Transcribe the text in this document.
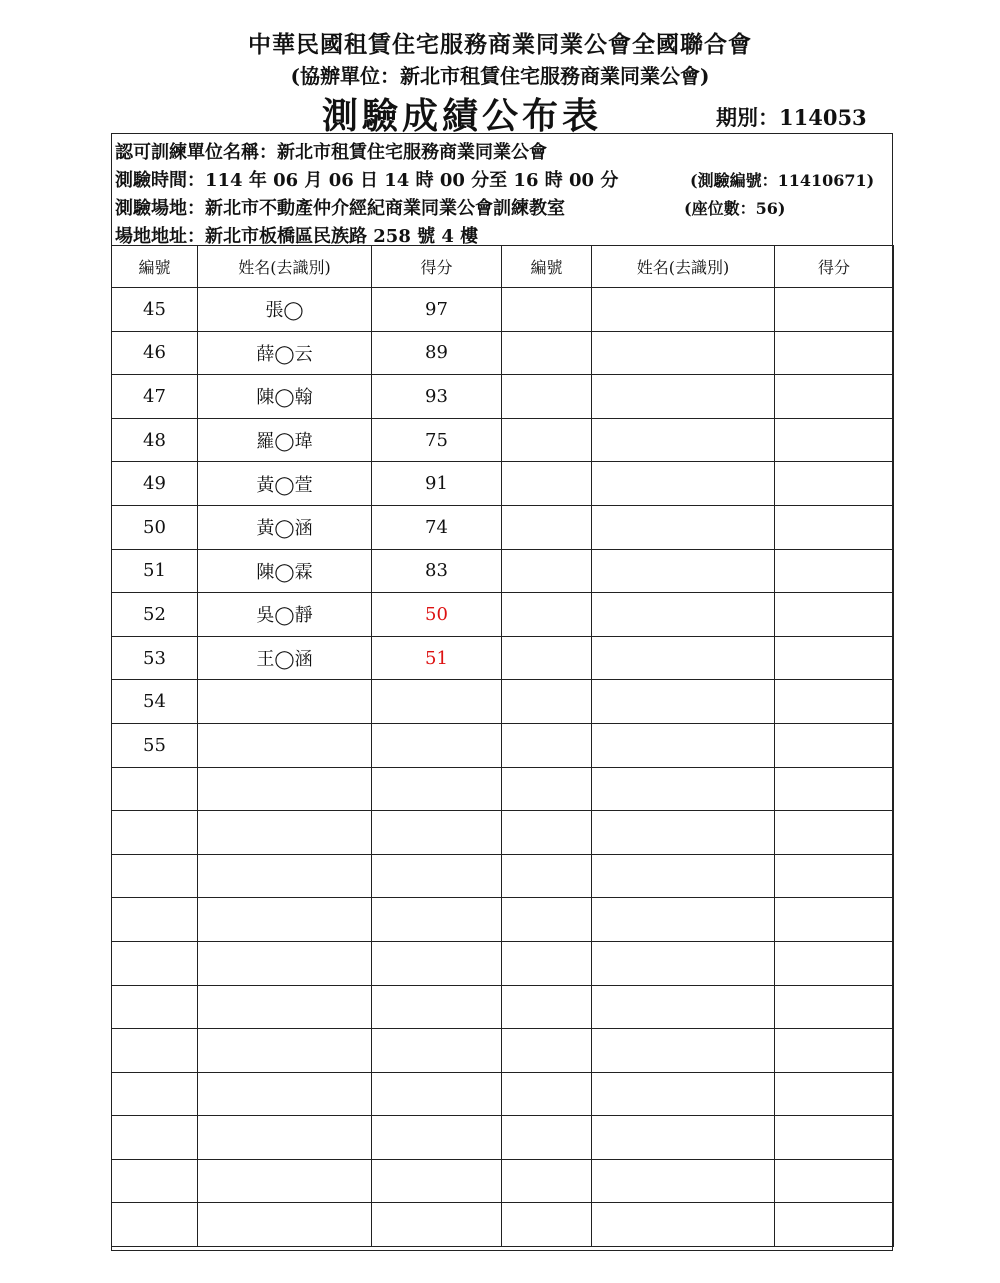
中華民國租賃住宅服務商業同業公會全國聯合會
(協辦單位：新北市租賃住宅服務商業同業公會)
測驗成績公布表	期別：114053
認可訓練單位名稱：新北市租賃住宅服務商業同業公會
測驗時間：114 年 06 月 06 日 14 時 00 分至 16 時 00 分	(測驗編號：11410671)
測驗場地：新北市不動產仲介經紀商業同業公會訓練教室	(座位數：56)
場地地址：新北市板橋區民族路 258 號 4 樓
編號	姓名(去識別)	得分	編號	姓名(去識別)	得分
45	張◯	97			
46	薛◯云	89			
47	陳◯翰	93			
48	羅◯瑋	75			
49	黃◯萱	91			
50	黃◯涵	74			
51	陳◯霖	83			
52	吳◯靜	50			
53	王◯涵	51			
54					
55					
